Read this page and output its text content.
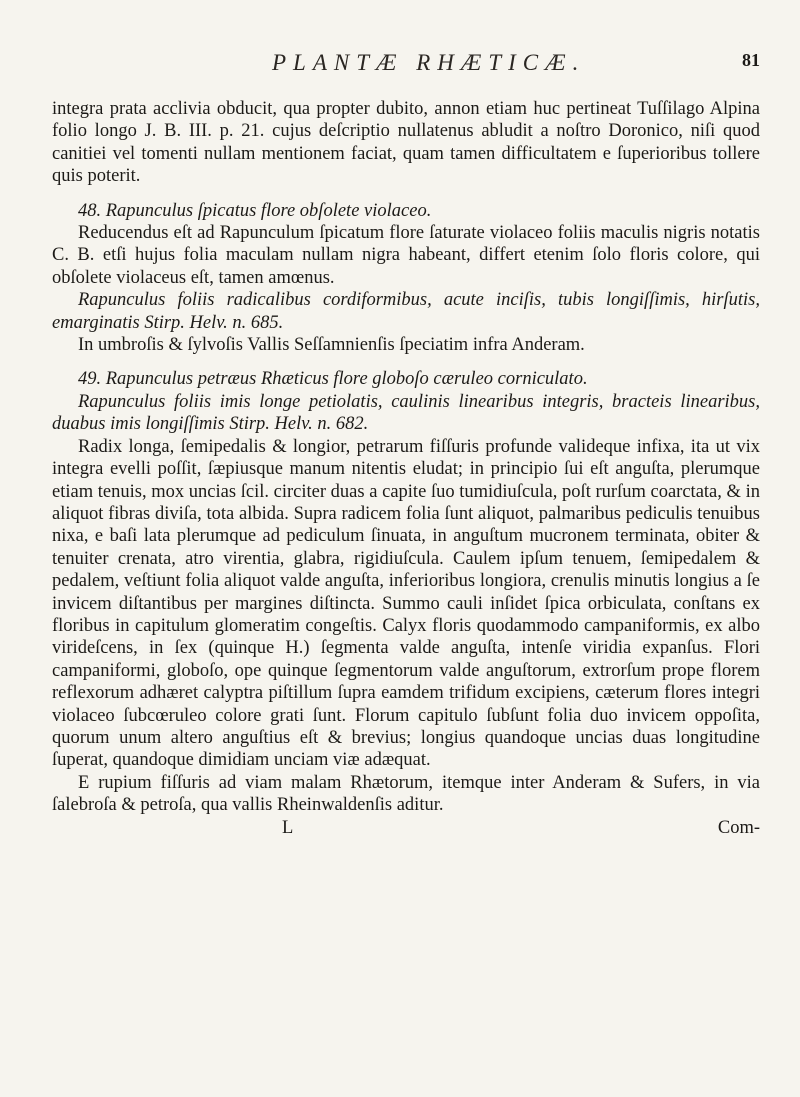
PLANTÆ RHÆTICÆ.	81

integra prata acclivia obducit, qua propter dubito, annon etiam huc pertineat Tuſſilago Alpina folio longo J. B. III. p. 21. cujus deſcriptio nullatenus abludit a noſtro Doronico, niſi quod canitiei vel tomenti nullam mentionem faciat, quam tamen difficultatem e ſuperioribus tollere quis poterit.

48. Rapunculus ſpicatus flore obſolete violaceo.

Reducendus eſt ad Rapunculum ſpicatum flore ſaturate violaceo foliis maculis nigris notatis C. B. etſi hujus folia maculam nullam nigra habeant, differt etenim ſolo floris colore, qui obſolete violaceus eſt, tamen amœnus.

Rapunculus foliis radicalibus cordiformibus, acute inciſis, tubis longiſſimis, hirſutis, emarginatis Stirp. Helv. n. 685.

In umbroſis & ſylvoſis Vallis Seſſamnienſis ſpeciatim infra Anderam.

49. Rapunculus petræus Rhæticus flore globoſo cæruleo corniculato.

Rapunculus foliis imis longe petiolatis, caulinis linearibus integris, bracteis linearibus, duabus imis longiſſimis Stirp. Helv. n. 682.

Radix longa, ſemipedalis & longior, petrarum fiſſuris profunde valideque infixa, ita ut vix integra evelli poſſit, ſæpiusque manum nitentis eludat; in principio ſui eſt anguſta, plerumque etiam tenuis, mox uncias ſcil. circiter duas a capite ſuo tumidiuſcula, poſt rurſum coarctata, & in aliquot fibras diviſa, tota albida. Supra radicem folia ſunt aliquot, palmaribus pediculis tenuibus nixa, e baſi lata plerumque ad pediculum ſinuata, in anguſtum mucronem terminata, obiter & tenuiter crenata, atro virentia, glabra, rigidiuſcula. Caulem ipſum tenuem, ſemipedalem & pedalem, veſtiunt folia aliquot valde anguſta, inferioribus longiora, crenulis minutis longius a ſe invicem diſtantibus per margines diſtincta. Summo cauli inſidet ſpica orbiculata, conſtans ex floribus in capitulum glomeratim congeſtis. Calyx floris quodammodo campaniformis, ex albo virideſcens, in ſex (quinque H.) ſegmenta valde anguſta, intenſe viridia expanſus. Flori campaniformi, globoſo, ope quinque ſegmentorum valde anguſtorum, extrorſum prope florem reflexorum adhæret calyptra piſtillum ſupra eamdem trifidum excipiens, cæterum flores integri violaceo ſubcœruleo colore grati ſunt. Florum capitulo ſubſunt folia duo invicem oppoſita, quorum unum altero anguſtius eſt & brevius; longius quandoque uncias duas longitudine ſuperat, quandoque dimidiam unciam viæ adæquat.

E rupium fiſſuris ad viam malam Rhætorum, itemque inter Anderam & Sufers, in via ſalebroſa & petroſa, qua vallis Rheinwaldenſis aditur.

L	Com-
